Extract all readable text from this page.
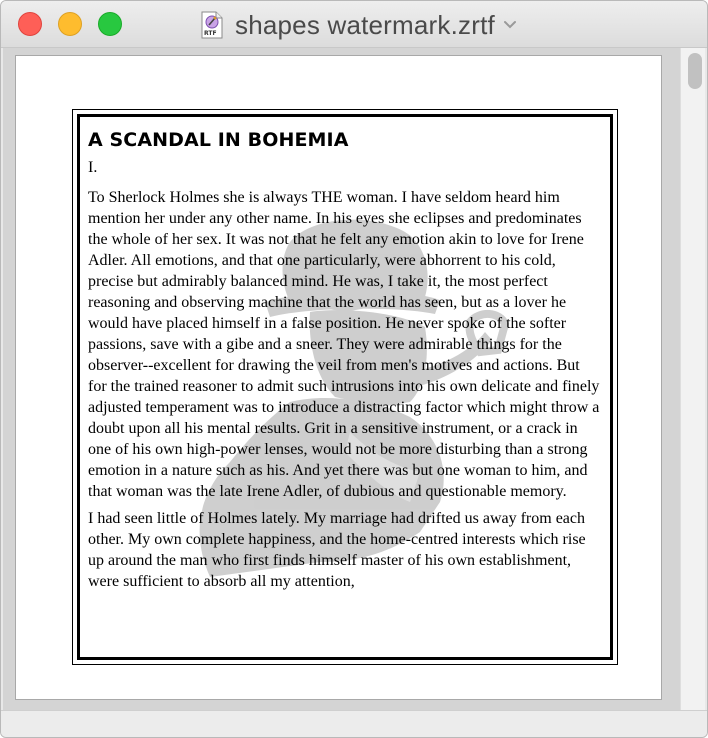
RTF shapes watermark.zrtf
A SCANDAL IN BOHEMIA
I.

To Sherlock Holmes she is always THE woman. I have seldom heard him mention her under any other name. In his eyes she eclipses and predominates the whole of her sex. It was not that he felt any emotion akin to love for Irene Adler. All emotions, and that one particularly, were abhorrent to his cold, precise but admirably balanced mind. He was, I take it, the most perfect reasoning and observing machine that the world has seen, but as a lover he would have placed himself in a false position. He never spoke of the softer passions, save with a gibe and a sneer. They were admirable things for the observer--excellent for drawing the veil from men's motives and actions. But for the trained reasoner to admit such intrusions into his own delicate and finely adjusted temperament was to introduce a distracting factor which might throw a doubt upon all his mental results. Grit in a sensitive instrument, or a crack in one of his own high-power lenses, would not be more disturbing than a strong emotion in a nature such as his. And yet there was but one woman to him, and that woman was the late Irene Adler, of dubious and questionable memory.

I had seen little of Holmes lately. My marriage had drifted us away from each other. My own complete happiness, and the home-centred interests which rise up around the man who first finds himself master of his own establishment, were sufficient to absorb all my attention,
